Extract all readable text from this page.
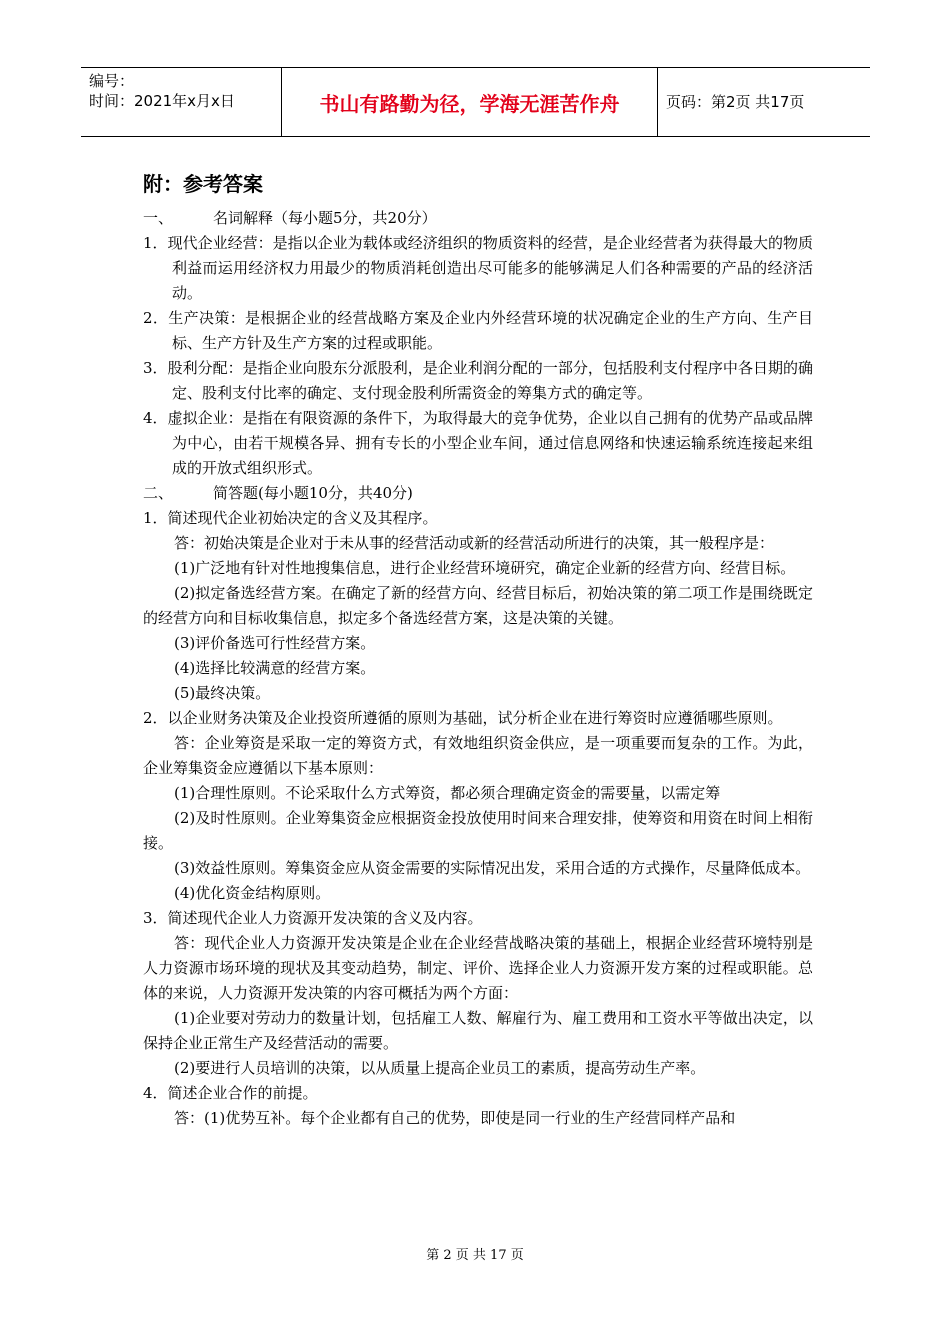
编号：
时间：2021年x月x日	书山有路勤为径，学海无涯苦作舟	页码：第2页 共17页
附：参考答案
一、	名词解释（每小题5分，共20分）

1．现代企业经营：是指以企业为载体或经济组织的物质资料的经营，是企业经营者为获得最大的物质利益而运用经济权力用最少的物质消耗创造出尽可能多的能够满足人们各种需要的产品的经济活动。

2．生产决策：是根据企业的经营战略方案及企业内外经营环境的状况确定企业的生产方向、生产目标、生产方针及生产方案的过程或职能。

3．股利分配：是指企业向股东分派股利，是企业利润分配的一部分，包括股利支付程序中各日期的确定、股利支付比率的确定、支付现金股利所需资金的筹集方式的确定等。

4．虚拟企业：是指在有限资源的条件下，为取得最大的竞争优势，企业以自己拥有的优势产品或品牌为中心，由若干规模各异、拥有专长的小型企业车间，通过信息网络和快速运输系统连接起来组成的开放式组织形式。

二、	简答题(每小题10分，共40分)

1．简述现代企业初始决定的含义及其程序。

答：初始决策是企业对于未从事的经营活动或新的经营活动所进行的决策，其一般程序是：

(1)广泛地有针对性地搜集信息，进行企业经营环境研究，确定企业新的经营方向、经营目标。

(2)拟定备选经营方案。在确定了新的经营方向、经营目标后，初始决策的第二项工作是围绕既定的经营方向和目标收集信息，拟定多个备选经营方案，这是决策的关键。

(3)评价备选可行性经营方案。

(4)选择比较满意的经营方案。

(5)最终决策。

2．以企业财务决策及企业投资所遵循的原则为基础，试分析企业在进行筹资时应遵循哪些原则。

答：企业筹资是采取一定的筹资方式，有效地组织资金供应，是一项重要而复杂的工作。为此，企业筹集资金应遵循以下基本原则：

(1)合理性原则。不论采取什么方式筹资，都必须合理确定资金的需要量，以需定筹

(2)及时性原则。企业筹集资金应根据资金投放使用时间来合理安排，使筹资和用资在时间上相衔接。

(3)效益性原则。筹集资金应从资金需要的实际情况出发，采用合适的方式操作，尽量降低成本。

(4)优化资金结构原则。

3．简述现代企业人力资源开发决策的含义及内容。

答：现代企业人力资源开发决策是企业在企业经营战略决策的基础上，根据企业经营环境特别是人力资源市场环境的现状及其变动趋势，制定、评价、选择企业人力资源开发方案的过程或职能。总体的来说，人力资源开发决策的内容可概括为两个方面：

(1)企业要对劳动力的数量计划，包括雇工人数、解雇行为、雇工费用和工资水平等做出决定，以保持企业正常生产及经营活动的需要。

(2)要进行人员培训的决策，以从质量上提高企业员工的素质，提高劳动生产率。

4．简述企业合作的前提。

答：(1)优势互补。每个企业都有自己的优势，即使是同一行业的生产经营同样产品和

第 2 页 共 17 页
